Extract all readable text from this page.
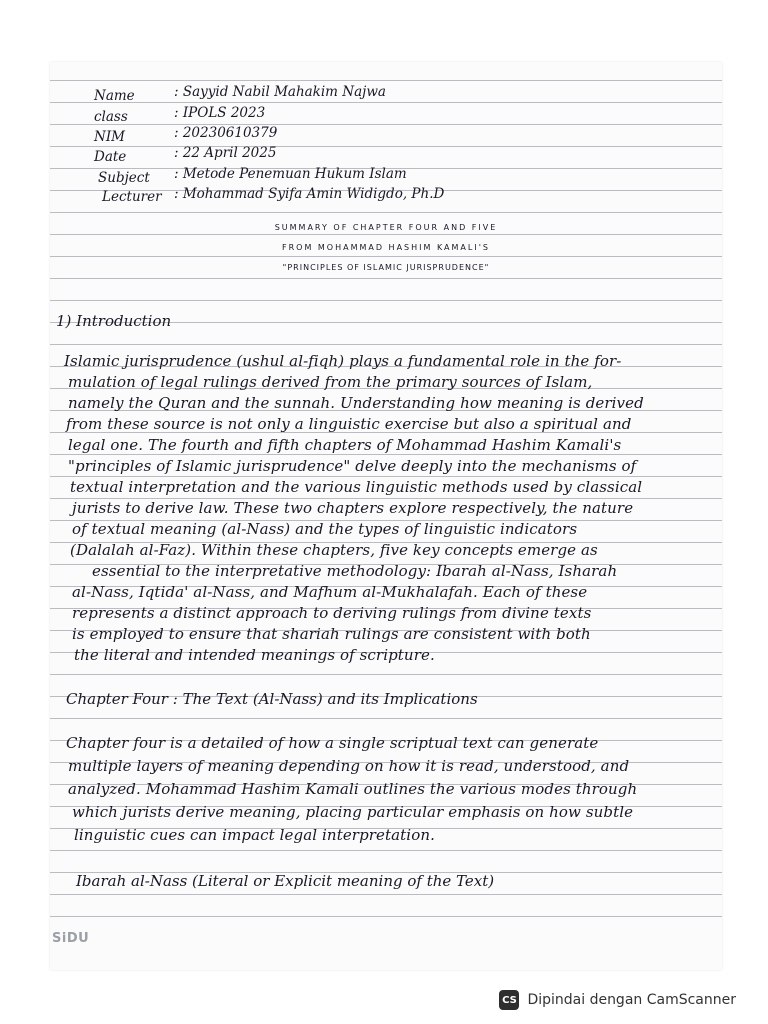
Name	: Sayyid Nabil Mahakim Najwa
class	: IPOLS 2023
NIM	: 20230610379
Date	: 22 April 2025
Subject : Metode Penemuan Hukum Islam
Lecturer : Mohammad Syifa Amin Widigdo, Ph.D
SUMMARY OF CHAPTER FOUR AND FIVE
FROM MOHAMMAD HASHIM KAMALI'S
"PRINCIPLES OF ISLAMIC JURISPRUDENCE"
1) Introduction
Islamic jurisprudence (ushul al-fiqh) plays a fundamental role in the for-
mulation of legal rulings derived from the primary sources of Islam,
namely the Quran and the sunnah. Understanding how meaning is derived
from these source is not only a linguistic exercise but also a spiritual and
legal one. The fourth and fifth chapters of Mohammad Hashim Kamali's
"principles of Islamic jurisprudence" delve deeply into the mechanisms of
textual interpretation and the various linguistic methods used by classical
jurists to derive law. These two chapters explore respectively, the nature
of textual meaning (al-Nass) and the types of linguistic indicators
(Dalalah al-Faz). Within these chapters, five key concepts emerge as
essential to the interpretative methodology: Ibarah al-Nass, Isharah
al-Nass, Iqtida' al-Nass, and Mafhum al-Mukhalafah. Each of these
represents a distinct approach to deriving rulings from divine texts
is employed to ensure that shariah rulings are consistent with both
the literal and intended meanings of scripture.
Chapter Four : The Text (Al-Nass) and its Implications
Chapter four is a detailed of how a single scriptual text can generate
multiple layers of meaning depending on how it is read, understood, and
analyzed. Mohammad Hashim Kamali outlines the various modes through
which jurists derive meaning, placing particular emphasis on how subtle
linguistic cues can impact legal interpretation.
Ibarah al-Nass (Literal or Explicit meaning of the Text)
SiDU
CS Dipindai dengan CamScanner
